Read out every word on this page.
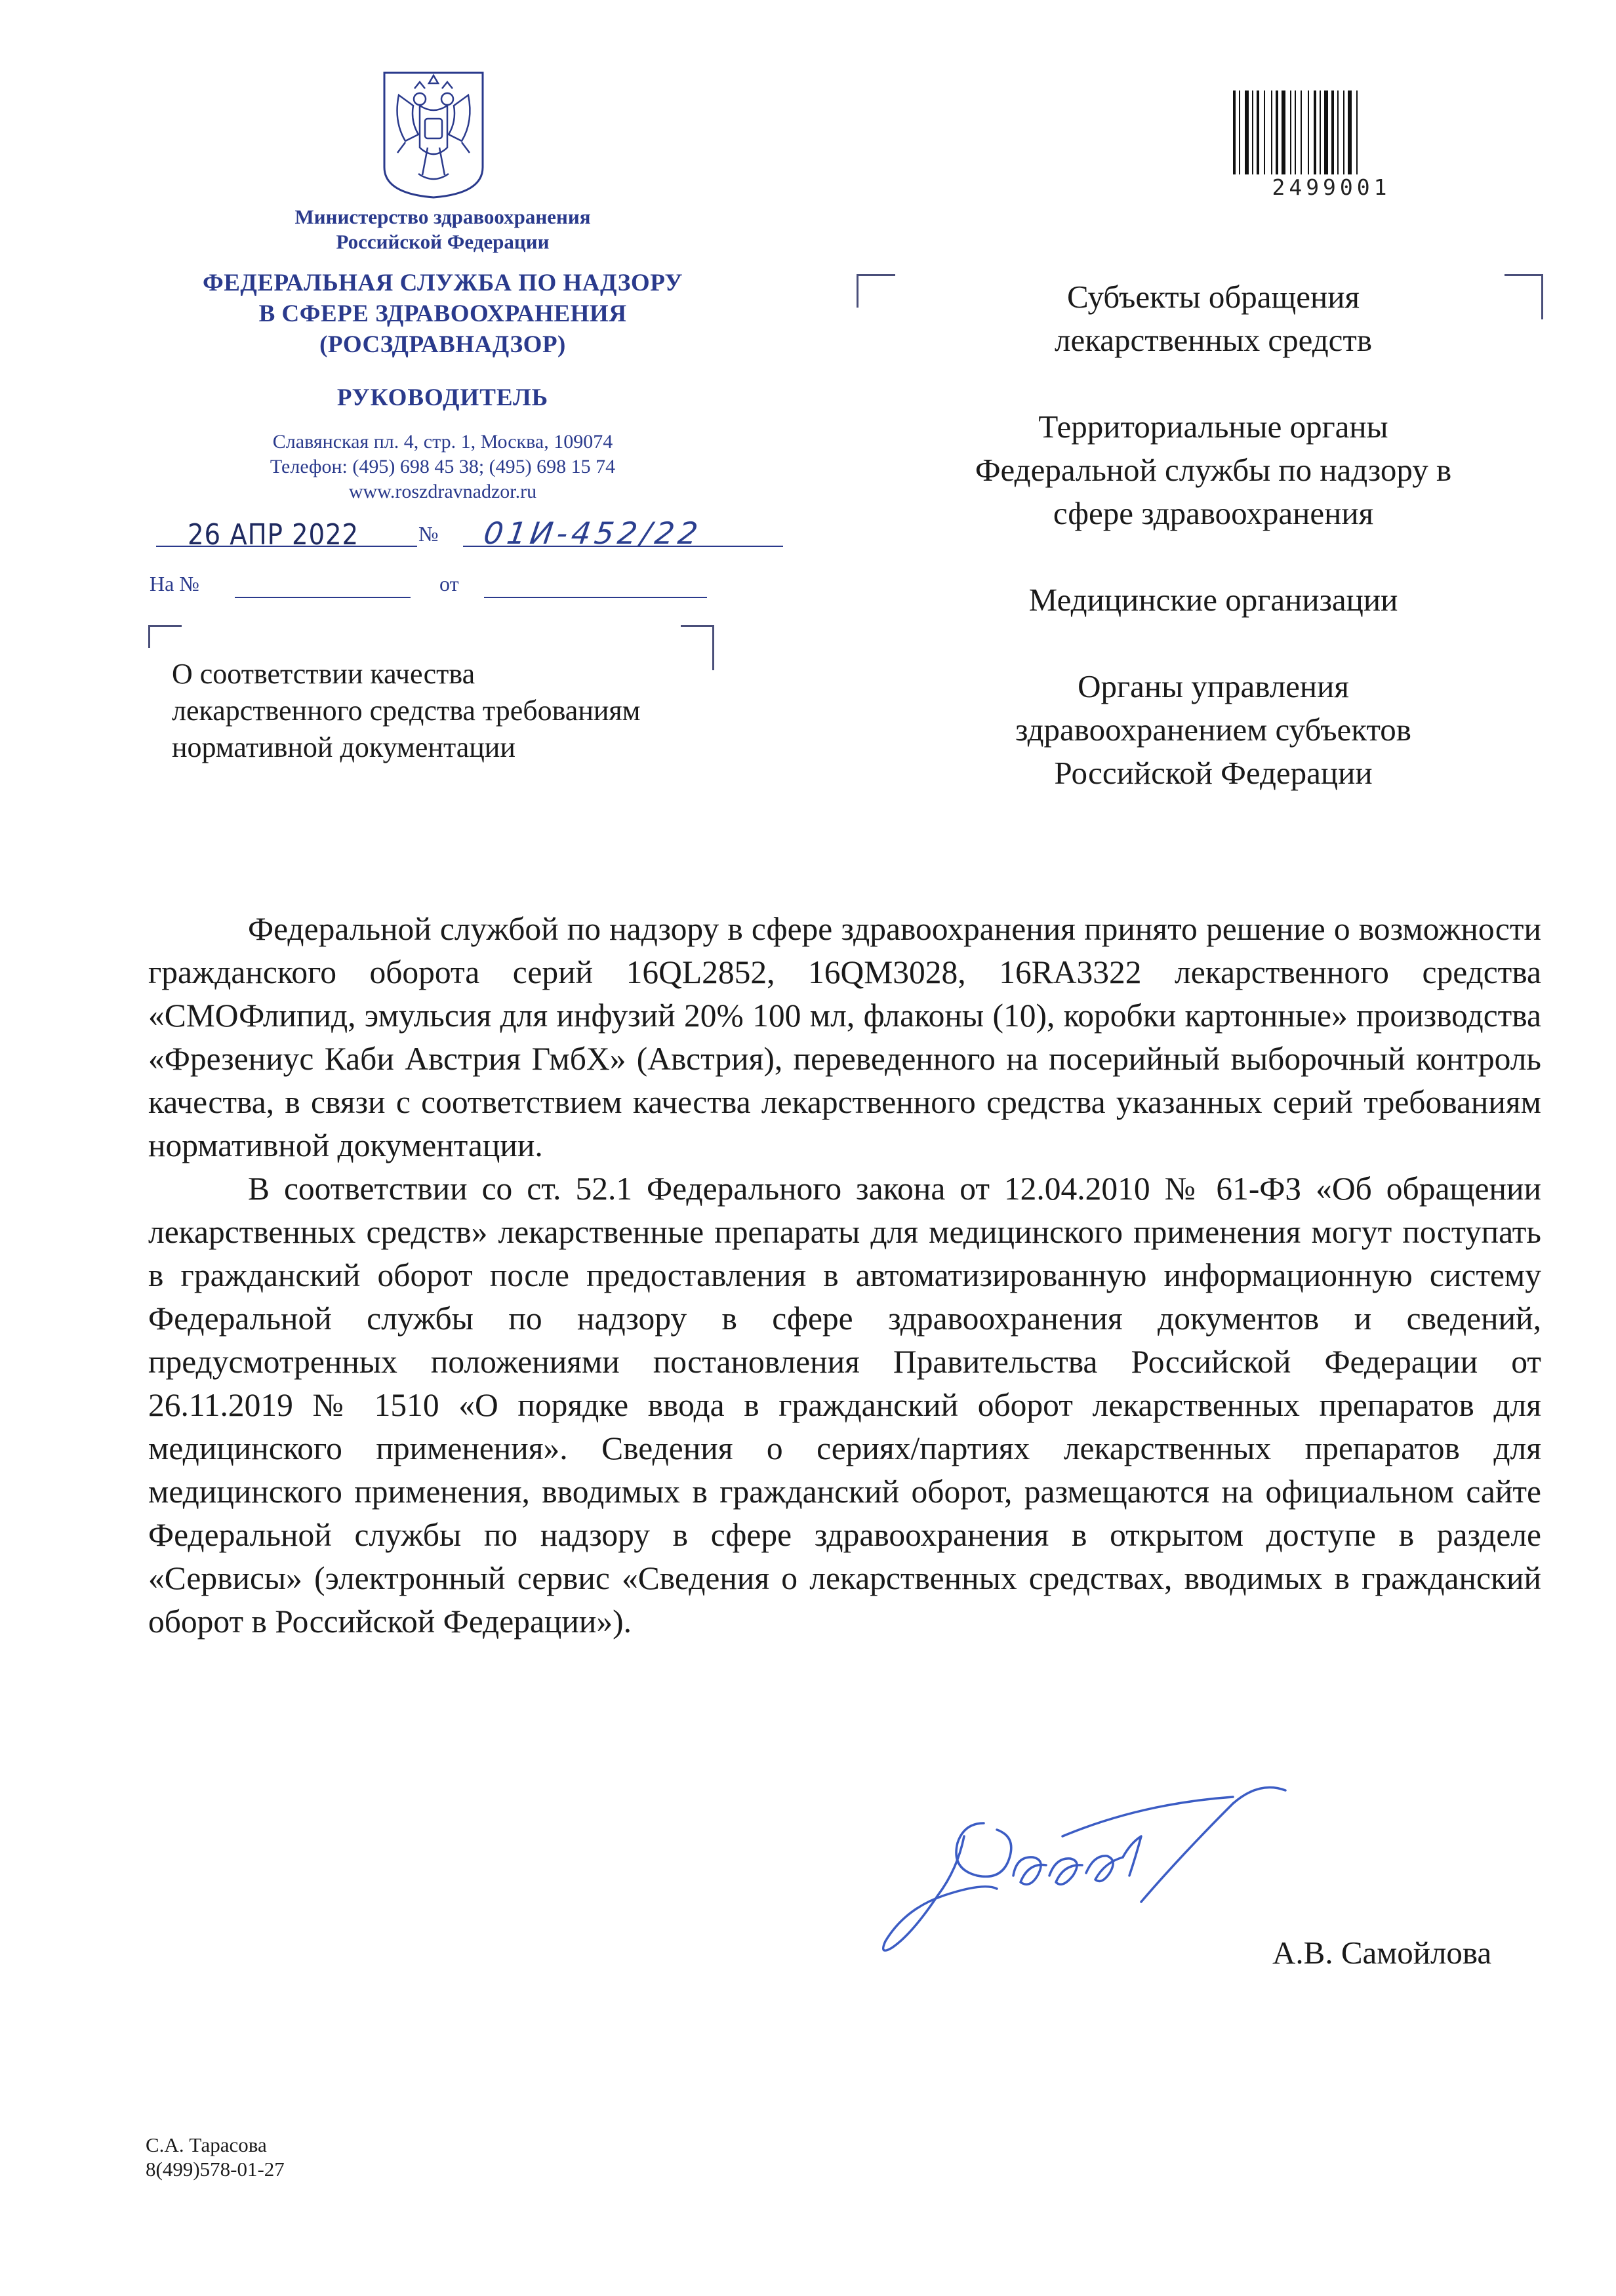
Министерство здравоохранения
Российской Федерации
ФЕДЕРАЛЬНАЯ СЛУЖБА ПО НАДЗОРУ
В СФЕРЕ ЗДРАВООХРАНЕНИЯ
(РОСЗДРАВНАДЗОР)
РУКОВОДИТЕЛЬ
Славянская пл. 4, стр. 1, Москва, 109074
Телефон: (495) 698 45 38; (495) 698 15 74
www.roszdravnadzor.ru
26 АПР 2022	№ 01И-452/22
На №	от
О соответствии качества
лекарственного средства требованиям
нормативной документации
2499001
Субъекты обращения
лекарственных средств
Территориальные органы
Федеральной службы по надзору в
сфере здравоохранения
Медицинские организации
Органы управления
здравоохранением субъектов
Российской Федерации

Федеральной службой по надзору в сфере здравоохранения принято решение о возможности гражданского оборота серий 16QL2852, 16QM3028, 16RA3322 лекарственного средства «СМОФлипид, эмульсия для инфузий 20% 100 мл, флаконы (10), коробки картонные» производства «Фрезениус Каби Австрия ГмбХ» (Австрия), переведенного на посерийный выборочный контроль качества, в связи с соответствием качества лекарственного средства указанных серий требованиям нормативной документации.

В соответствии со ст. 52.1 Федерального закона от 12.04.2010 № 61-ФЗ «Об обращении лекарственных средств» лекарственные препараты для медицинского применения могут поступать в гражданский оборот после предоставления в автоматизированную информационную систему Федеральной службы по надзору в сфере здравоохранения документов и сведений, предусмотренных положениями постановления Правительства Российской Федерации от 26.11.2019 № 1510 «О порядке ввода в гражданский оборот лекарственных препаратов для медицинского применения». Сведения о сериях/партиях лекарственных препаратов для медицинского применения, вводимых в гражданский оборот, размещаются на официальном сайте Федеральной службы по надзору в сфере здравоохранения в открытом доступе в разделе «Сервисы» (электронный сервис «Сведения о лекарственных средствах, вводимых в гражданский оборот в Российской Федерации»).

А.В. Самойлова
С.А. Тарасова
8(499)578-01-27
